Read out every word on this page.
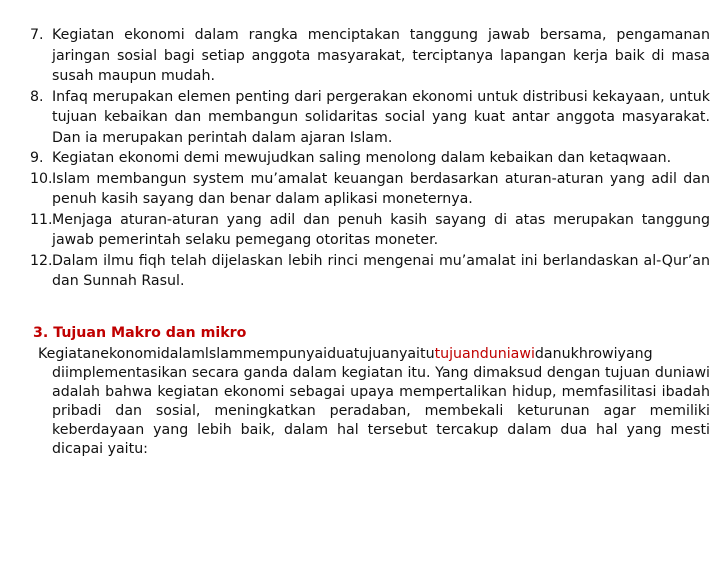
7. Kegiatan ekonomi dalam rangka menciptakan tanggung jawab bersama, pengamanan jaringan sosial bagi setiap anggota masyarakat, terciptanya lapangan kerja baik di masa susah maupun mudah.
8. Infaq merupakan elemen penting dari pergerakan ekonomi untuk distribusi kekayaan, untuk tujuan kebaikan dan membangun solidaritas social yang kuat antar anggota masyarakat. Dan ia merupakan perintah dalam ajaran Islam.
9. Kegiatan ekonomi demi mewujudkan saling menolong dalam kebaikan dan ketaqwaan.
10. Islam membangun system mu’amalat keuangan berdasarkan aturan-aturan yang adil dan penuh kasih sayang dan benar dalam aplikasi moneternya.
11. Menjaga aturan-aturan yang adil dan penuh kasih sayang di atas merupakan tanggung jawab pemerintah selaku pemegang otoritas moneter.
12. Dalam ilmu fiqh telah dijelaskan lebih rinci mengenai mu’amalat ini berlandaskan al-Qur’an dan Sunnah Rasul.
3. Tujuan Makro dan mikro

Kegiatanekonomidalamlslammempunyaiduatujuanyaitutujuanduniawidanukhrowiyang diimplementasikan secara ganda dalam kegiatan itu. Yang dimaksud dengan tujuan duniawi adalah bahwa kegiatan ekonomi sebagai upaya mempertalikan hidup, memfasilitasi ibadah pribadi dan sosial, meningkatkan peradaban, membekali keturunan agar memiliki keberdayaan yang lebih baik, dalam hal tersebut tercakup dalam dua hal yang mesti dicapai yaitu:
